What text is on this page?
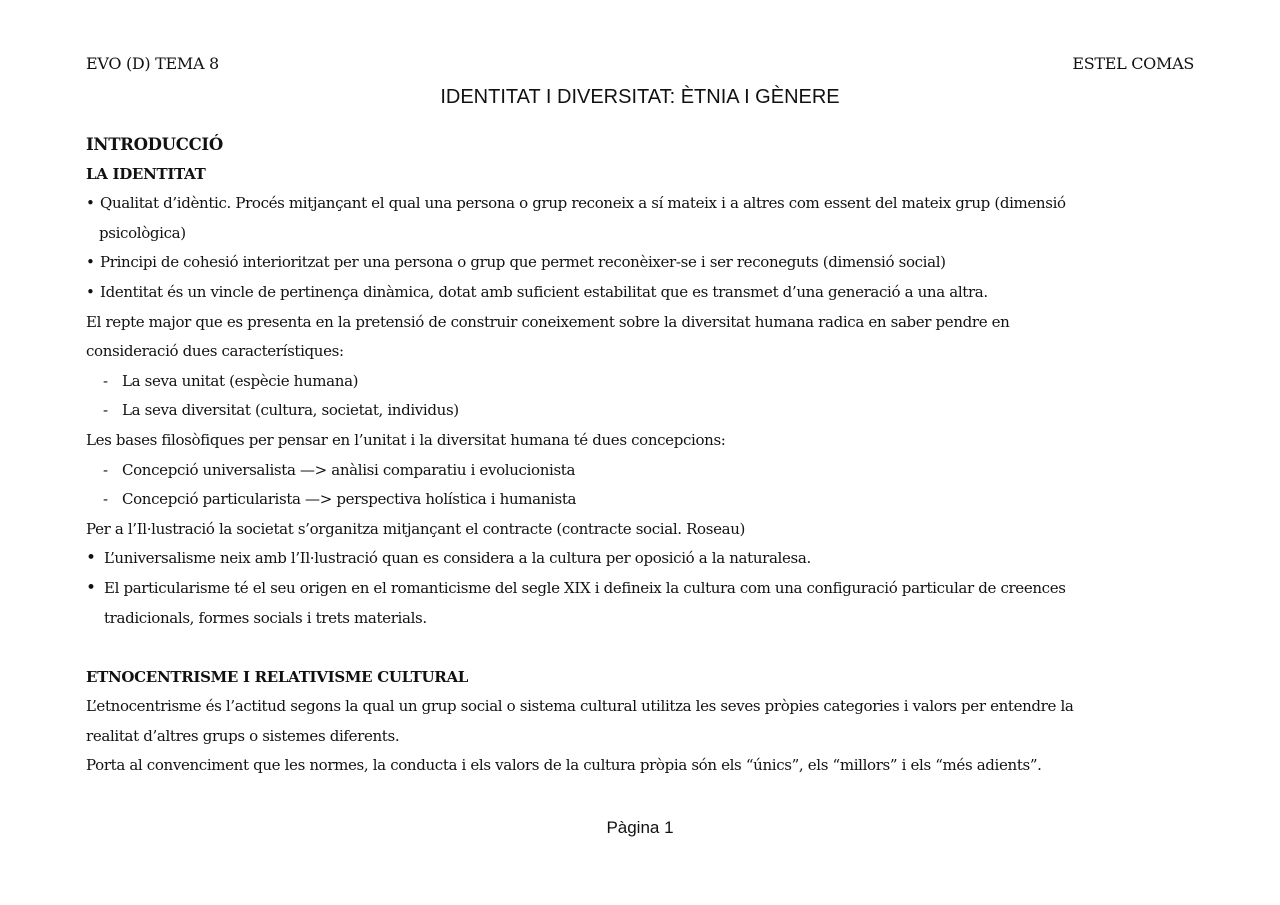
EVO (D) TEMA 8	ESTEL COMAS
IDENTITAT I DIVERSITAT: ÈTNIA I GÈNERE
INTRODUCCIÓ
LA IDENTITAT
• Qualitat d’idèntic. Procés mitjançant el qual una persona o grup reconeix a sí mateix i a altres com essent del mateix grup (dimensió
psicològica)
• Principi de cohesió interioritzat per una persona o grup que permet reconèixer-se i ser reconeguts (dimensió social)
• Identitat és un vincle de pertinença dinàmica, dotat amb suficient estabilitat que es transmet d’una generació a una altra.
El repte major que es presenta en la pretensió de construir coneixement sobre la diversitat humana radica en saber pendre en
consideració dues característiques:
- La seva unitat (espècie humana)
- La seva diversitat (cultura, societat, individus)
Les bases filosòfiques per pensar en l’unitat i la diversitat humana té dues concepcions:
- Concepció universalista —> anàlisi comparatiu i evolucionista
- Concepció particularista —> perspectiva holística i humanista
Per a l’Il·lustració la societat s’organitza mitjançant el contracte (contracte social. Roseau)
• L’universalisme neix amb l’Il·lustració quan es considera a la cultura per oposició a la naturalesa.
• El particularisme té el seu origen en el romanticisme del segle XIX i defineix la cultura com una configuració particular de creences
tradicionals, formes socials i trets materials.
ETNOCENTRISME I RELATIVISME CULTURAL
L’etnocentrisme és l’actitud segons la qual un grup social o sistema cultural utilitza les seves pròpies categories i valors per entendre la
realitat d’altres grups o sistemes diferents.
Porta al convenciment que les normes, la conducta i els valors de la cultura pròpia són els “únics”, els “millors” i els “més adients”.
Pàgina 1
